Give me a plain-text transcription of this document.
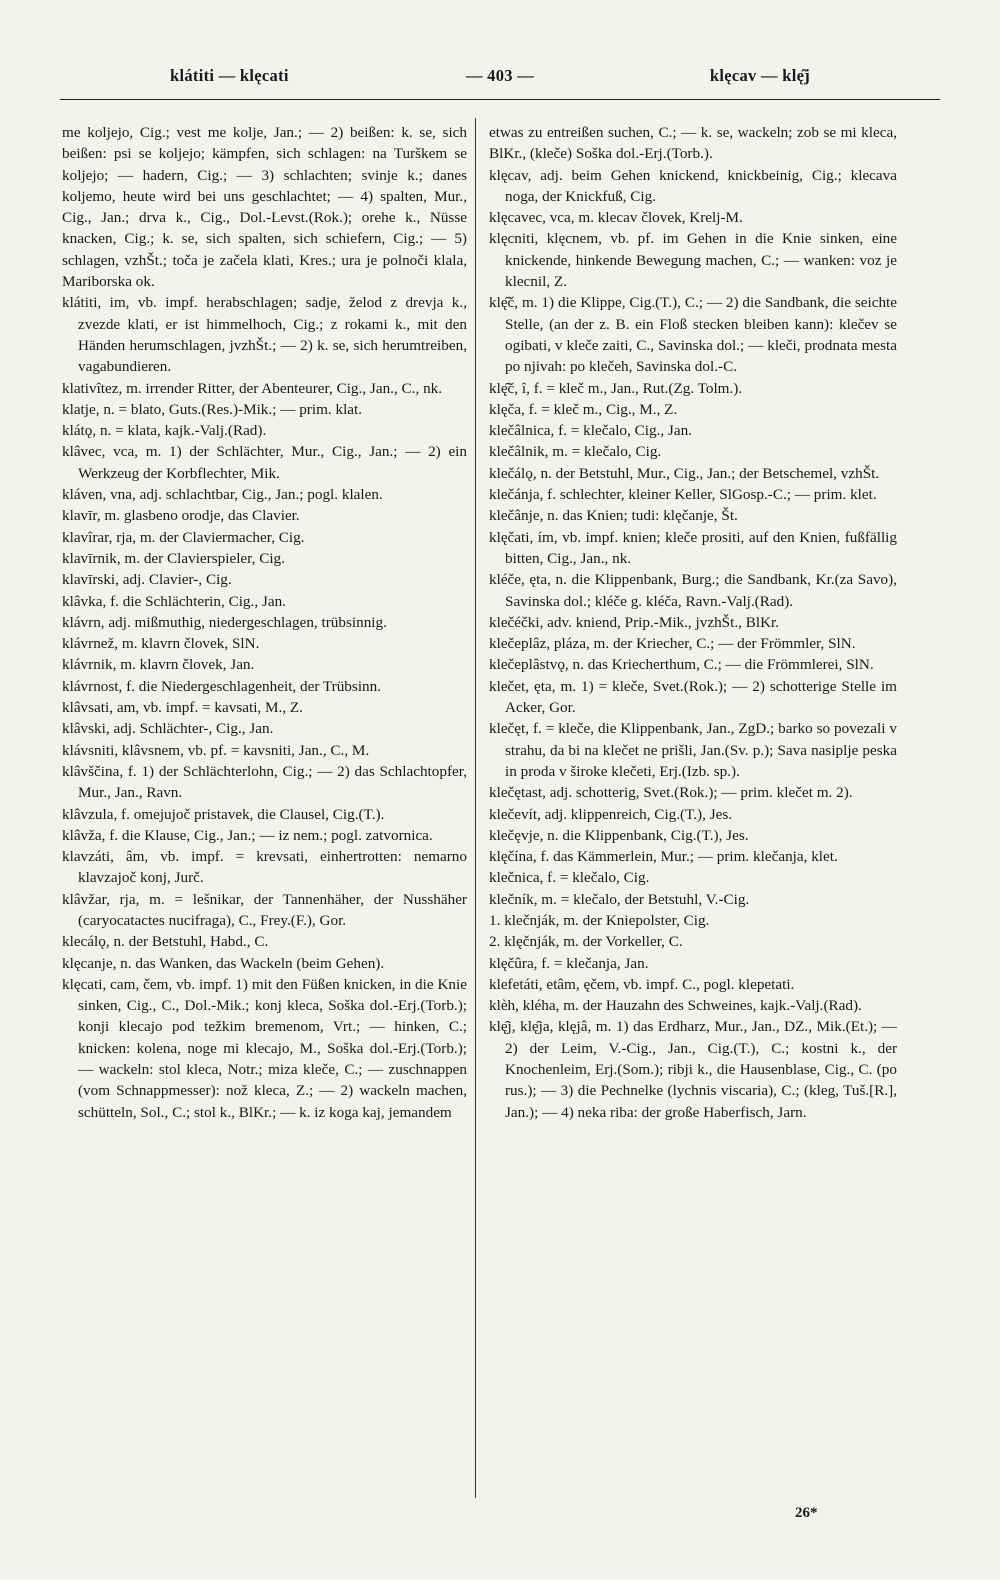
klátiti — klęcati	— 403 —	klęcav — klę̑j

me koljejo, Cig.; vest me kolje, Jan.; — 2) beißen: k. se, sich beißen: psi se koljejo; kämpfen, sich schlagen: na Turškem se koljejo; — hadern, Cig.; — 3) schlachten; svinje k.; danes koljemo, heute wird bei uns geschlachtet; — 4) spalten, Mur., Cig., Jan.; drva k., Cig., Dol.-Levst.(Rok.); orehe k., Nüsse knacken, Cig.; k. se, sich spalten, sich schiefern, Cig.; — 5) schlagen, vzhŠt.; toča je začela klati, Kres.; ura je polnoči klala, Mariborska ok.

klátiti, im, vb. impf. herabschlagen; sadje, želod z drevja k., zvezde klati, er ist himmelhoch, Cig.; z rokami k., mit den Händen herumschlagen, jvzhŠt.; — 2) k. se, sich herumtreiben, vagabundieren.

klativîtez, m. irrender Ritter, der Abenteurer, Cig., Jan., C., nk.

klatje, n. = blato, Guts.(Res.)-Mik.; — prim. klat.

klátǫ, n. = klata, kajk.-Valj.(Rad).

klâvec, vca, m. 1) der Schlächter, Mur., Cig., Jan.; — 2) ein Werkzeug der Korbflechter, Mik.

kláven, vna, adj. schlachtbar, Cig., Jan.; pogl. klalen.

klavīr, m. glasbeno orodje, das Clavier.

klavîrar, rja, m. der Claviermacher, Cig.

klavīrnik, m. der Clavierspieler, Cig.

klavīrski, adj. Clavier-, Cig.

klâvka, f. die Schlächterin, Cig., Jan.

klávrn, adj. mißmuthig, niedergeschlagen, trübsinnig.

klávrnež, m. klavrn človek, SlN.

klávrnik, m. klavrn človek, Jan.

klávrnost, f. die Niedergeschlagenheit, der Trübsinn.

klâvsati, am, vb. impf. = kavsati, M., Z.

klâvski, adj. Schlächter-, Cig., Jan.

klávsniti, klâvsnem, vb. pf. = kavsniti, Jan., C., M.

klâvščina, f. 1) der Schlächterlohn, Cig.; — 2) das Schlachtopfer, Mur., Jan., Ravn.

klâvzula, f. omejujoč pristavek, die Clausel, Cig.(T.).

klâvža, f. die Klause, Cig., Jan.; — iz nem.; pogl. zatvornica.

klavzáti, âm, vb. impf. = krevsati, einhertrotten: nemarno klavzajoč konj, Jurč.

klâvžar, rja, m. = lešnikar, der Tannenhäher, der Nusshäher (caryocatactes nucifraga), C., Frey.(F.), Gor.

klecálǫ, n. der Betstuhl, Habd., C.

klęcanje, n. das Wanken, das Wackeln (beim Gehen).

klęcati, cam, čem, vb. impf. 1) mit den Füßen knicken, in die Knie sinken, Cig., C., Dol.-Mik.; konj kleca, Soška dol.-Erj.(Torb.); konji klecajo pod težkim bremenom, Vrt.; — hinken, C.; knicken: kolena, noge mi klecajo, M., Soška dol.-Erj.(Torb.); — wackeln: stol kleca, Notr.; miza kleče, C.; — zuschnappen (vom Schnappmesser): nož kleca, Z.; — 2) wackeln machen, schütteln, Sol., C.; stol k., BlKr.; — k. iz koga kaj, jemandem

etwas zu entreißen suchen, C.; — k. se, wackeln; zob se mi kleca, BlKr., (kleče) Soška dol.-Erj.(Torb.).

klęcav, adj. beim Gehen knickend, knickbeinig, Cig.; klecava noga, der Knickfuß, Cig.

klęcavec, vca, m. klecav človek, Krelj-M.

klęcniti, klęcnem, vb. pf. im Gehen in die Knie sinken, eine knickende, hinkende Bewegung machen, C.; — wanken: voz je klecnil, Z.

klę̑č, m. 1) die Klippe, Cig.(T.), C.; — 2) die Sandbank, die seichte Stelle, (an der z. B. ein Floß stecken bleiben kann): klečev se ogibati, v kleče zaiti, C., Savinska dol.; — kleči, prodnata mesta po njivah: po klečeh, Savinska dol.-C.

klę̑č, î, f. = kleč m., Jan., Rut.(Zg. Tolm.).

klęča, f. = kleč m., Cig., M., Z.

klečâlnica, f. = klečalo, Cig., Jan.

klečâlnik, m. = klečalo, Cig.

klečálǫ, n. der Betstuhl, Mur., Cig., Jan.; der Betschemel, vzhŠt.

klečánja, f. schlechter, kleiner Keller, SlGosp.-C.; — prim. klet.

klečânje, n. das Knien; tudi: klęčanje, Št.

klęčati, ím, vb. impf. knien; kleče prositi, auf den Knien, fußfällig bitten, Cig., Jan., nk.

kléče, ęta, n. die Klippenbank, Burg.; die Sandbank, Kr.(za Savo), Savinska dol.; kléče g. kléča, Ravn.-Valj.(Rad).

klečéčki, adv. kniend, Prip.-Mik., jvzhŠt., BlKr.

klečeplâz, pláza, m. der Kriecher, C.; — der Frömmler, SlN.

klečeplâstvǫ, n. das Kriecherthum, C.; — die Frömmlerei, SlN.

klečet, ęta, m. 1) = kleče, Svet.(Rok.); — 2) schotterige Stelle im Acker, Gor.

klečęt, f. = kleče, die Klippenbank, Jan., ZgD.; barko so povezali v strahu, da bi na klečet ne prišli, Jan.(Sv. p.); Sava nasiplje peska in proda v široke klečeti, Erj.(Izb. sp.).

klečętast, adj. schotterig, Svet.(Rok.); — prim. klečet m. 2).

klečevít, adj. klippenreich, Cig.(T.), Jes.

klečęvje, n. die Klippenbank, Cig.(T.), Jes.

klęčína, f. das Kämmerlein, Mur.; — prim. klečanja, klet.

klečnica, f. = klečalo, Cig.

klečník, m. = klečalo, der Betstuhl, V.-Cig.

1. klečnják, m. der Kniepolster, Cig.

2. klęčnják, m. der Vorkeller, C.

klęčûra, f. = klečanja, Jan.

klefetáti, etâm, ęčem, vb. impf. C., pogl. klepetati.

klèh, kléha, m. der Hauzahn des Schweines, kajk.-Valj.(Rad).

klę̑j, klę̑ja, klęjâ, m. 1) das Erdharz, Mur., Jan., DZ., Mik.(Et.); — 2) der Leim, V.-Cig., Jan., Cig.(T.), C.; kostni k., der Knochenleim, Erj.(Som.); ribji k., die Hausenblase, Cig., C. (po rus.); — 3) die Pechnelke (lychnis viscaria), C.; (kleg, Tuš.[R.], Jan.); — 4) neka riba: der große Haberfisch, Jarn.

26*
